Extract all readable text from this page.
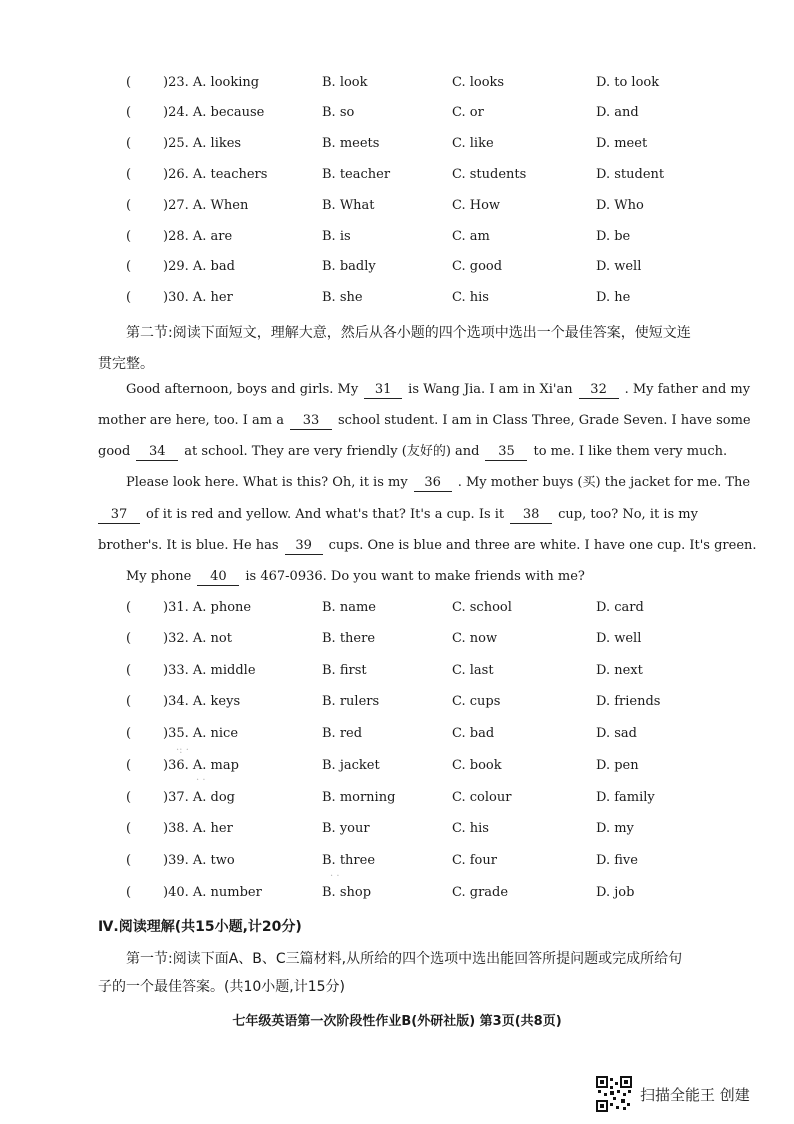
( )23. A. looking	B. look	C. looks	D. to look
( )24. A. because	B. so	C. or	D. and
( )25. A. likes	B. meets	C. like	D. meet
( )26. A. teachers	B. teacher	C. students	D. student
( )27. A. When	B. What	C. How	D. Who
( )28. A. are	B. is	C. am	D. be
( )29. A. bad	B. badly	C. good	D. well
( )30. A. her	B. she	C. his	D. he
第二节:阅读下面短文，理解大意，然后从各小题的四个选项中选出一个最佳答案，使短文连
贯完整。
Good afternoon, boys and girls. My 31 is Wang Jia. I am in Xi'an 32 . My father and my
mother are here, too. I am a 33 school student. I am in Class Three, Grade Seven. I have some
good 34 at school. They are very friendly (友好的) and 35 to me. I like them very much.
Please look here. What is this? Oh, it is my 36 . My mother buys (买) the jacket for me. The
37 of it is red and yellow. And what's that? It's a cup. Is it 38 cup, too? No, it is my
brother's. It is blue. He has 39 cups. One is blue and three are white. I have one cup. It's green.
My phone 40 is 467-0936. Do you want to make friends with me?
( )31. A. phone	B. name	C. school	D. card
( )32. A. not	B. there	C. now	D. well
( )33. A. middle	B. first	C. last	D. next
( )34. A. keys	B. rulers	C. cups	D. friends
( )35. A. nice	B. red	C. bad	D. sad
( )36. A. map	B. jacket	C. book	D. pen
( )37. A. dog	B. morning	C. colour	D. family
( )38. A. her	B. your	C. his	D. my
( )39. A. two	B. three	C. four	D. five
( )40. A. number	B. shop	C. grade	D. job
·: ·
· ·
· ·
Ⅳ.阅读理解(共15小题,计20分)
第一节:阅读下面A、B、C三篇材料,从所给的四个选项中选出能回答所提问题或完成所给句
子的一个最佳答案。(共10小题,计15分)
七年级英语第一次阶段性作业B(外研社版) 第3页(共8页)
扫描全能王 创建
